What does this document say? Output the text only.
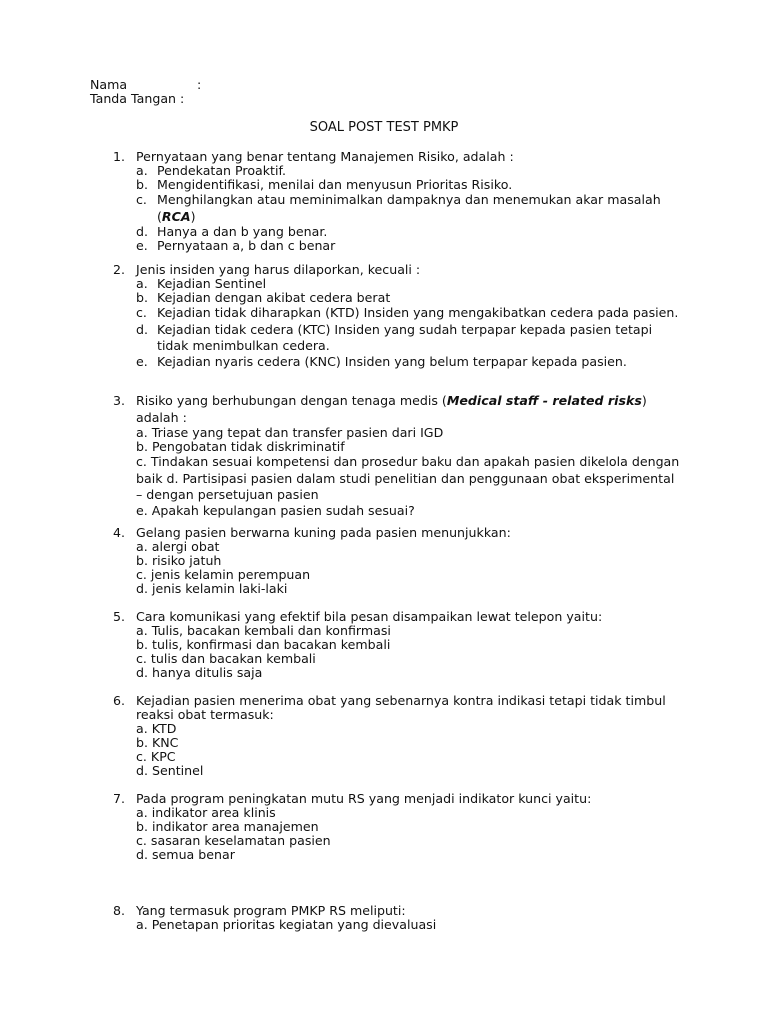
Nama	:
Tanda Tangan :
SOAL POST TEST PMKP
1. Pernyataan yang benar tentang Manajemen Risiko, adalah :
a. Pendekatan Proaktif.
b. Mengidentifikasi, menilai dan menyusun Prioritas Risiko.
c. Menghilangkan atau meminimalkan dampaknya dan menemukan akar masalah (RCA)
d. Hanya a dan b yang benar.
e. Pernyataan a, b dan c benar
2. Jenis insiden yang harus dilaporkan, kecuali :
a. Kejadian Sentinel
b. Kejadian dengan akibat cedera berat
c. Kejadian tidak diharapkan (KTD) Insiden yang mengakibatkan cedera pada pasien.
d. Kejadian tidak cedera (KTC) Insiden yang sudah terpapar kepada pasien tetapi tidak menimbulkan cedera.
e. Kejadian nyaris cedera (KNC) Insiden yang belum terpapar kepada pasien.
3. Risiko yang berhubungan dengan tenaga medis (Medical staff - related risks) adalah :
a. Triase yang tepat dan transfer pasien dari IGD
b. Pengobatan tidak diskriminatif
c. Tindakan sesuai kompetensi dan prosedur baku dan apakah pasien dikelola dengan baik d. Partisipasi pasien dalam studi penelitian dan penggunaan obat eksperimental – dengan persetujuan pasien
e. Apakah kepulangan pasien sudah sesuai?
4. Gelang pasien berwarna kuning pada pasien menunjukkan:
a. alergi obat
b. risiko jatuh
c. jenis kelamin perempuan
d. jenis kelamin laki-laki
5. Cara komunikasi yang efektif bila pesan disampaikan lewat telepon yaitu:
a. Tulis, bacakan kembali dan konfirmasi
b. tulis, konfirmasi dan bacakan kembali
c. tulis dan bacakan kembali
d. hanya ditulis saja
6. Kejadian pasien menerima obat yang sebenarnya kontra indikasi tetapi tidak timbul reaksi obat termasuk:
a. KTD
b. KNC
c. KPC
d. Sentinel
7. Pada program peningkatan mutu RS yang menjadi indikator kunci yaitu:
a. indikator area klinis
b. indikator area manajemen
c. sasaran keselamatan pasien
d. semua benar
8. Yang termasuk program PMKP RS meliputi:
a. Penetapan prioritas kegiatan yang dievaluasi
